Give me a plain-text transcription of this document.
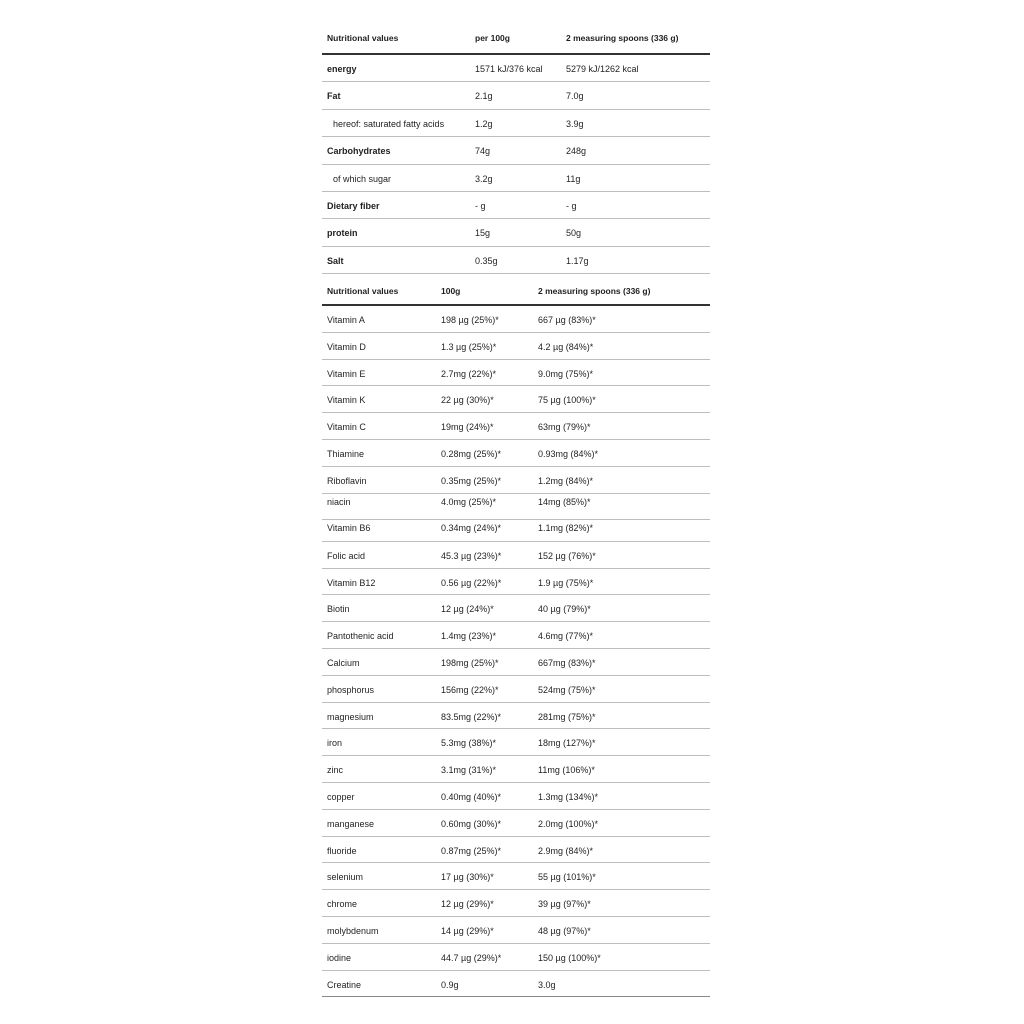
Nutritional values	per 100g	2 measuring spoons (336 g)
energy	1571 kJ/376 kcal	5279 kJ/1262 kcal
Fat	2.1g	7.0g
hereof: saturated fatty acids	1.2g	3.9g
Carbohydrates	74g	248g
of which sugar	3.2g	11g
Dietary fiber	- g	- g
protein	15g	50g
Salt	0.35g	1.17g
Nutritional values	100g	2 measuring spoons (336 g)
Vitamin A	198 µg (25%)*	667 µg (83%)*
Vitamin D	1.3 µg (25%)*	4.2 µg (84%)*
Vitamin E	2.7mg (22%)*	9.0mg (75%)*
Vitamin K	22 µg (30%)*	75 µg (100%)*
Vitamin C	19mg (24%)*	63mg (79%)*
Thiamine	0.28mg (25%)*	0.93mg (84%)*
Riboflavin	0.35mg (25%)*	1.2mg (84%)*
niacin	4.0mg (25%)*	14mg (85%)*
Vitamin B6	0.34mg (24%)*	1.1mg (82%)*
Folic acid	45.3 µg (23%)*	152 µg (76%)*
Vitamin B12	0.56 µg (22%)*	1.9 µg (75%)*
Biotin	12 µg (24%)*	40 µg (79%)*
Pantothenic acid	1.4mg (23%)*	4.6mg (77%)*
Calcium	198mg (25%)*	667mg (83%)*
phosphorus	156mg (22%)*	524mg (75%)*
magnesium	83.5mg (22%)*	281mg (75%)*
iron	5.3mg (38%)*	18mg (127%)*
zinc	3.1mg (31%)*	11mg (106%)*
copper	0.40mg (40%)*	1.3mg (134%)*
manganese	0.60mg (30%)*	2.0mg (100%)*
fluoride	0.87mg (25%)*	2.9mg (84%)*
selenium	17 µg (30%)*	55 µg (101%)*
chrome	12 µg (29%)*	39 µg (97%)*
molybdenum	14 µg (29%)*	48 µg (97%)*
iodine	44.7 µg (29%)*	150 µg (100%)*
Creatine	0.9g	3.0g
